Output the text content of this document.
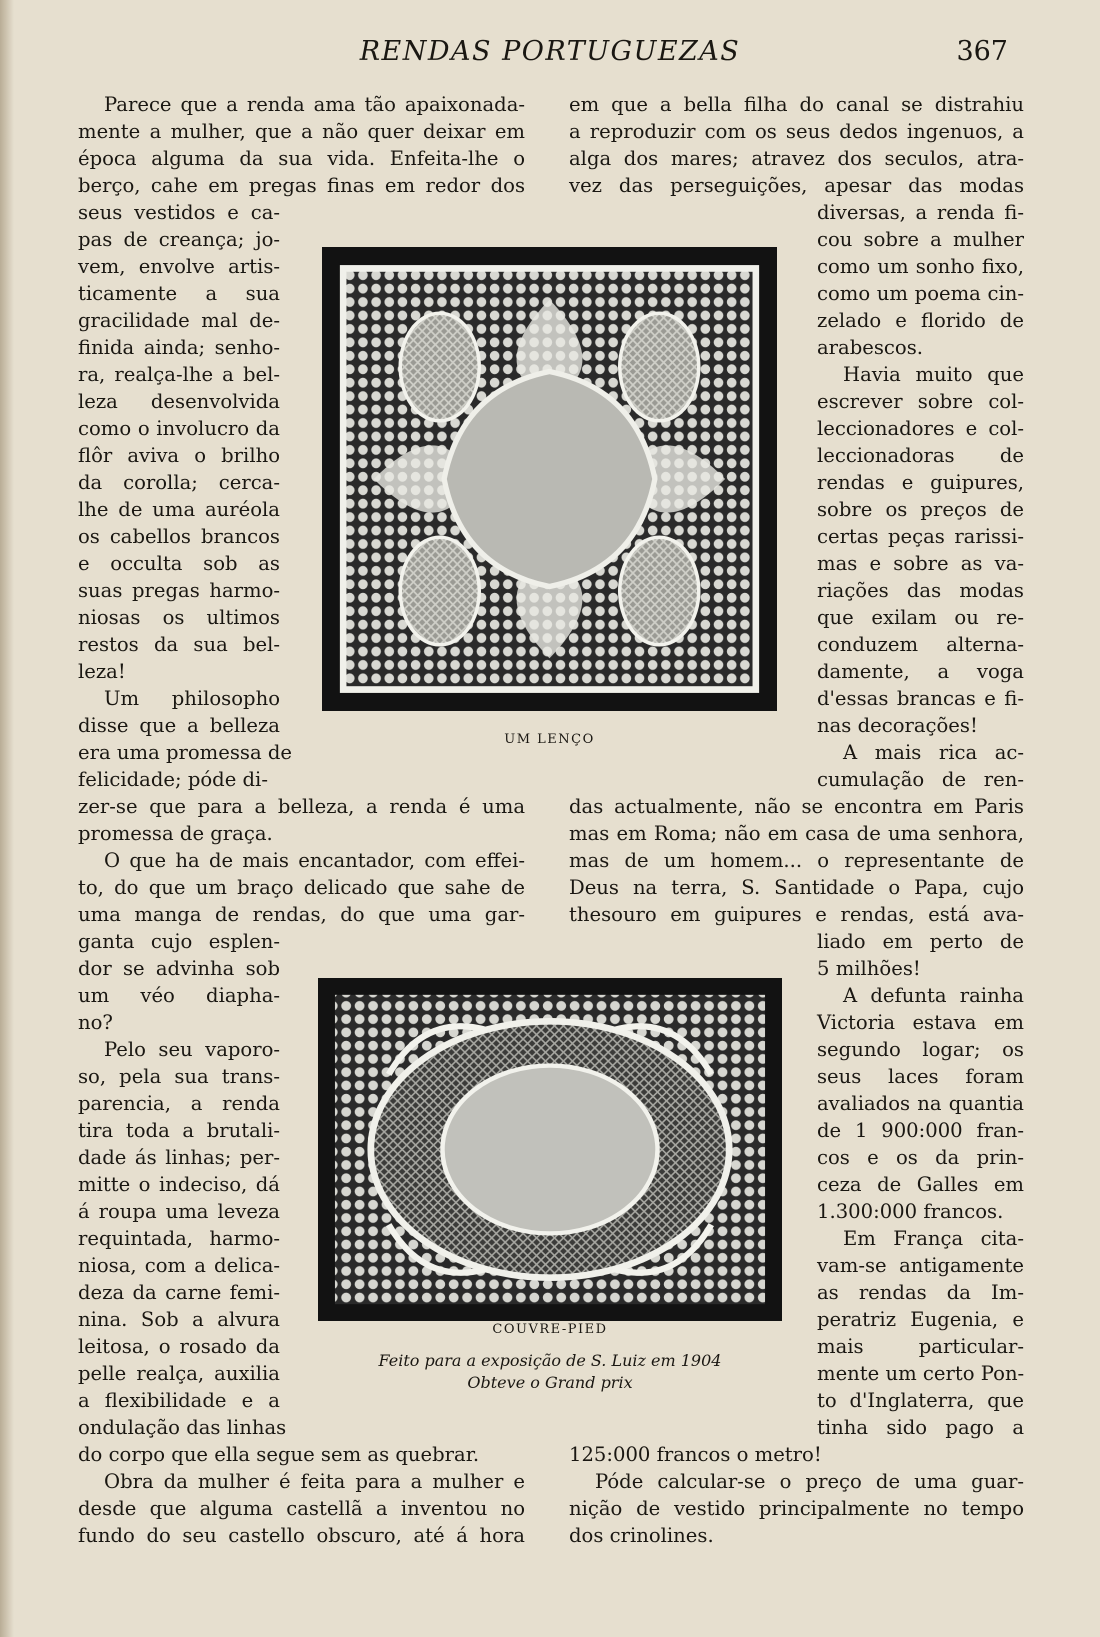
RENDAS PORTUGUEZAS	367
Parece que a renda ama tão apaixonada-
mente a mulher, que a não quer deixar em
época alguma da sua vida. Enfeita-lhe o
berço, cahe em pregas finas em redor dos
seus vestidos e ca-
pas de creança; jo-
vem, envolve artis-
ticamente a sua
gracilidade mal de-
finida ainda; senho-
ra, realça-lhe a bel-
leza desenvolvida
como o involucro da
flôr aviva o brilho
da corolla; cerca-
lhe de uma auréola
os cabellos brancos
e occulta sob as
suas pregas harmo-
niosas os ultimos
restos da sua bel-
leza!
Um philosopho
disse que a belleza
era uma promessa de
felicidade; póde di-
zer-se que para a belleza, a renda é uma
promessa de graça.
O que ha de mais encantador, com effei-
to, do que um braço delicado que sahe de
uma manga de rendas, do que uma gar-
ganta cujo esplen-
dor se advinha sob
um véo diapha-
no?
Pelo seu vaporo-
so, pela sua trans-
parencia, a renda
tira toda a brutali-
dade ás linhas; per-
mitte o indeciso, dá
á roupa uma leveza
requintada, harmo-
niosa, com a delica-
deza da carne femi-
nina. Sob a alvura
leitosa, o rosado da
pelle realça, auxilia
a flexibilidade e a
ondulação das linhas
do corpo que ella segue sem as quebrar.
Obra da mulher é feita para a mulher e
desde que alguma castellã a inventou no
fundo do seu castello obscuro, até á hora
em que a bella filha do canal se distrahiu
a reproduzir com os seus dedos ingenuos, a
alga dos mares; atravez dos seculos, atra-
vez das perseguições, apesar das modas
diversas, a renda fi-
cou sobre a mulher
como um sonho fixo,
como um poema cin-
zelado e florido de
arabescos.
Havia muito que
escrever sobre col-
leccionadores e col-
leccionadoras de
rendas e guipures,
sobre os preços de
certas peças rarissi-
mas e sobre as va-
riações das modas
que exilam ou re-
conduzem alterna-
damente, a voga
d'essas brancas e fi-
nas decorações!
A mais rica ac-
cumulação de ren-
das actualmente, não se encontra em Paris
mas em Roma; não em casa de uma senhora,
mas de um homem... o representante de
Deus na terra, S. Santidade o Papa, cujo
thesouro em guipures e rendas, está ava-
liado em perto de
5 milhões!
A defunta rainha
Victoria estava em
segundo logar; os
seus laces foram
avaliados na quantia
de 1 900:000 fran-
cos e os da prin-
ceza de Galles em
1.300:000 francos.
Em França cita-
vam-se antigamente
as rendas da Im-
peratriz Eugenia, e
mais particular-
mente um certo Pon-
to d'Inglaterra, que
tinha sido pago a
125:000 francos o metro!
Póde calcular-se o preço de uma guar-
nição de vestido principalmente no tempo
dos crinolines.
UM LENÇO
COUVRE-PIED
Feito para a exposição de S. Luiz em 1904
Obteve o Grand prix
